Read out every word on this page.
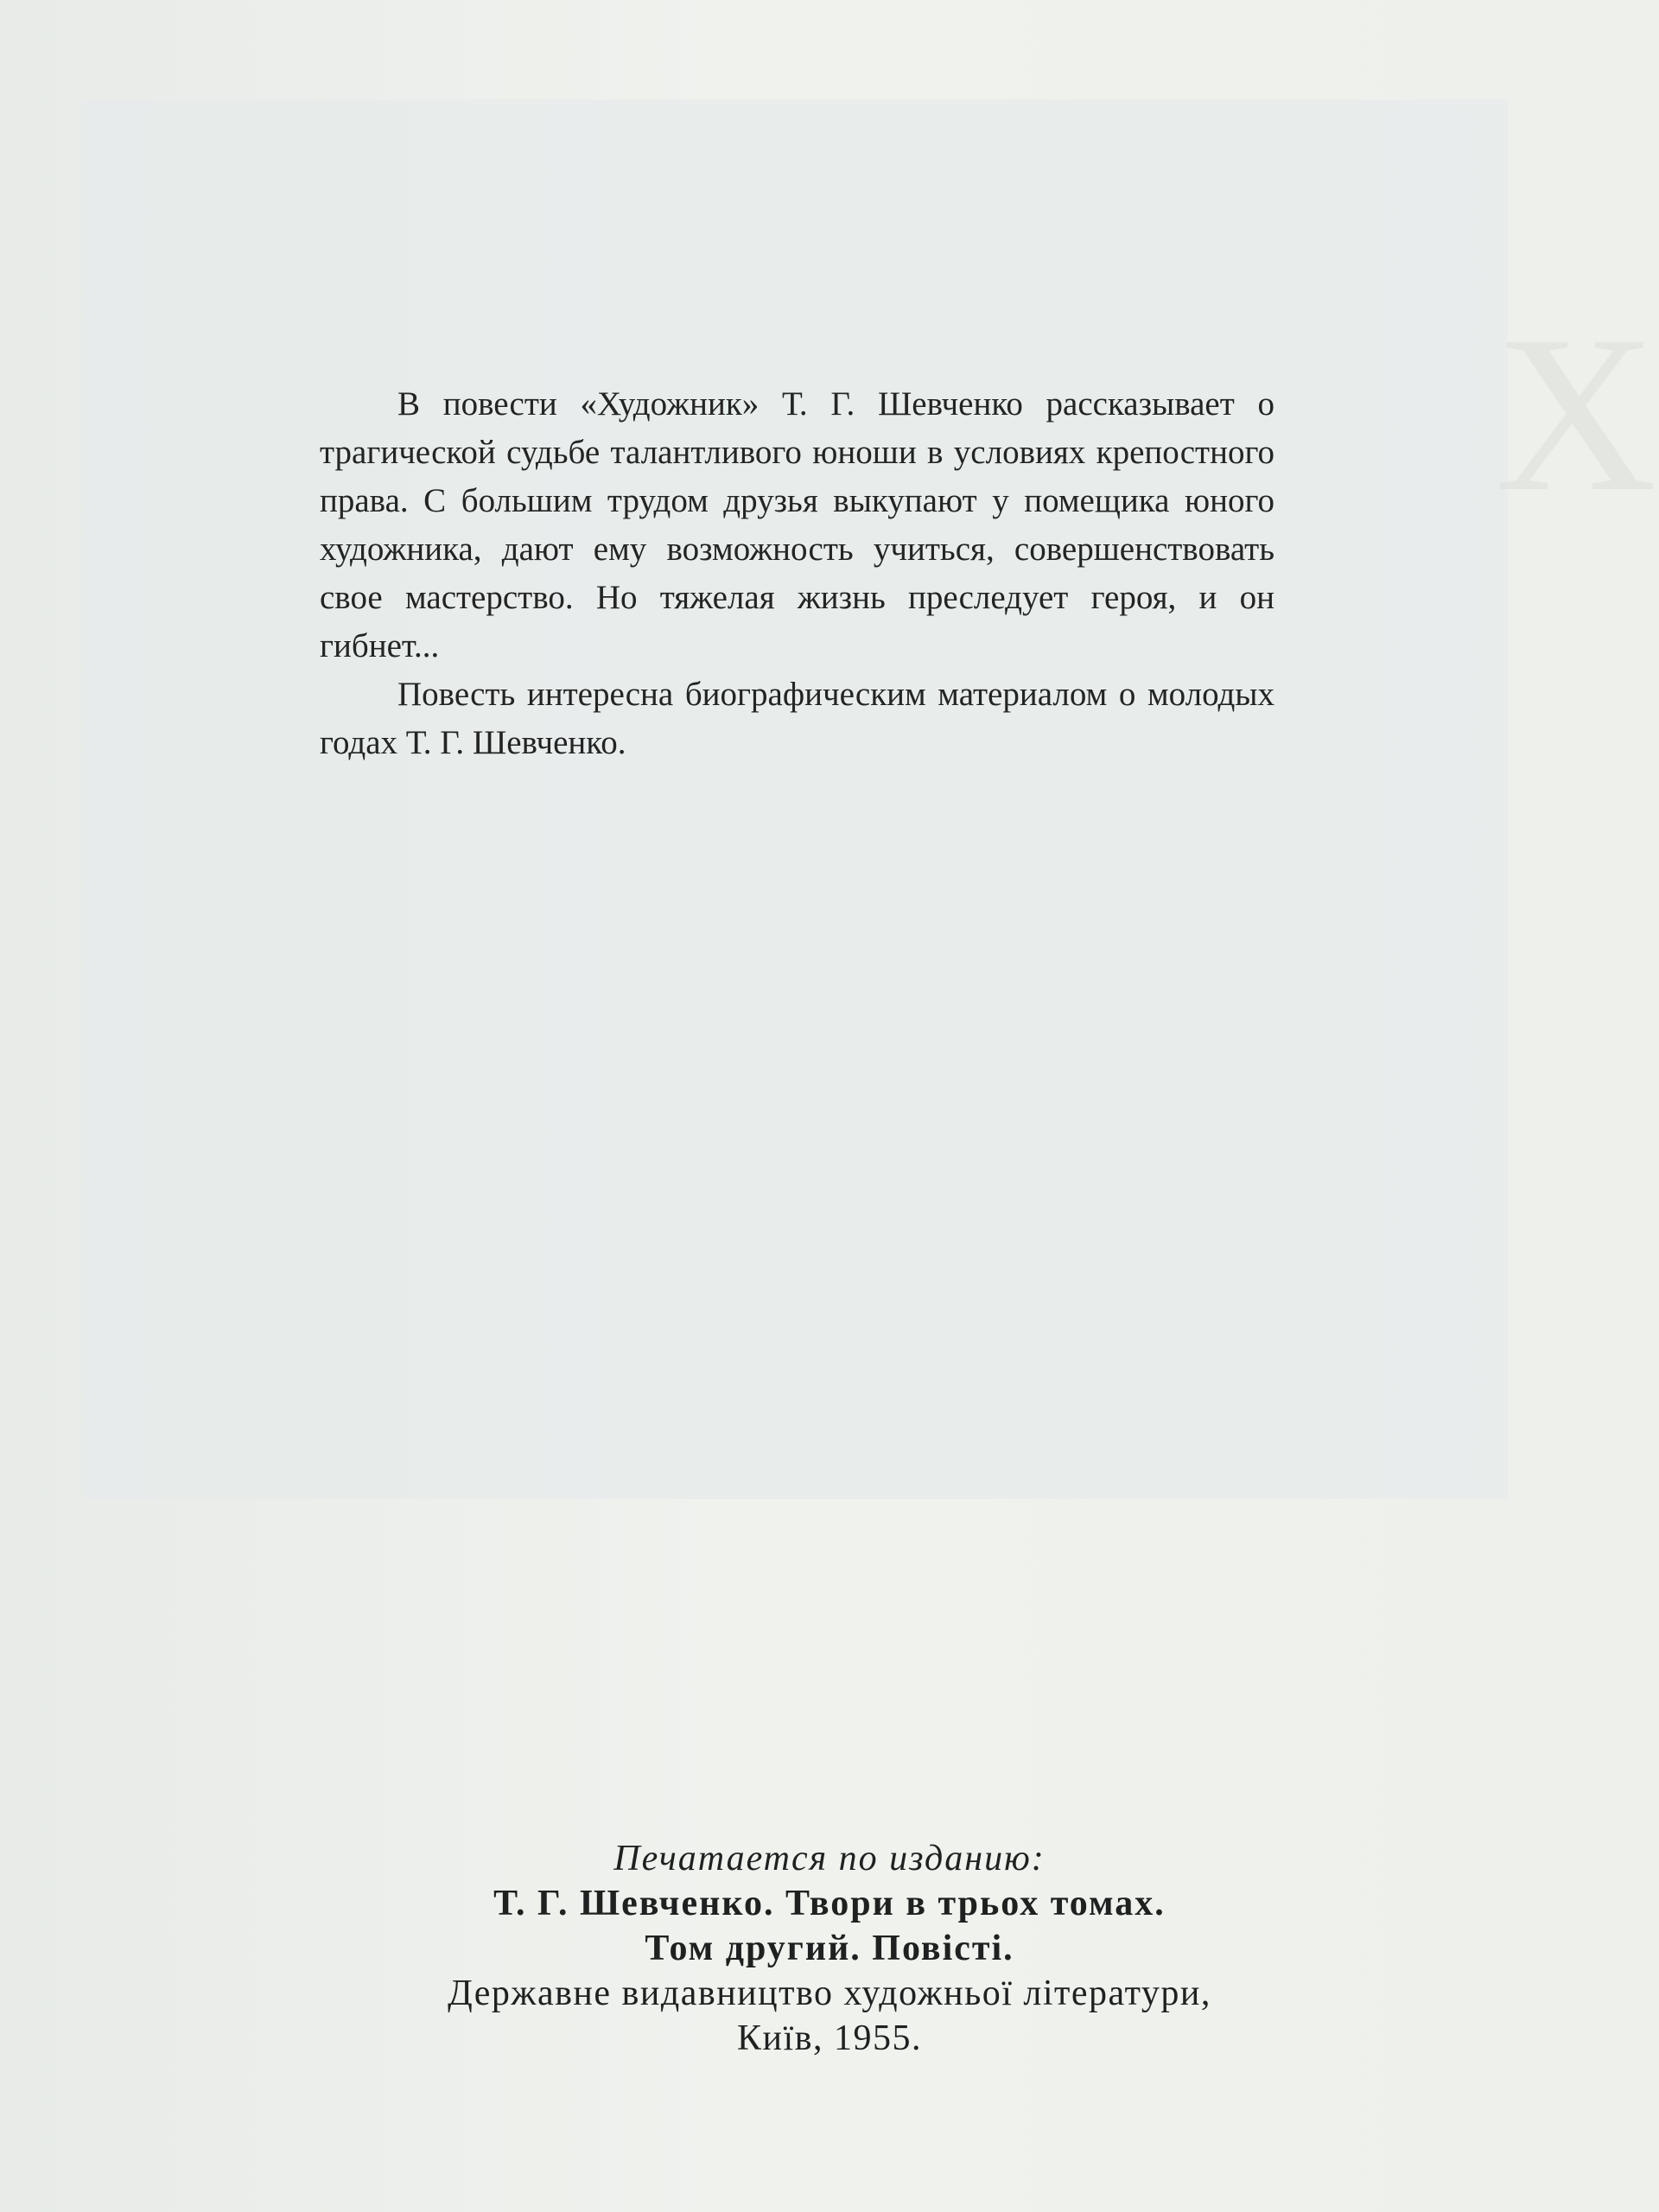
Х

В повести «Художник» Т. Г. Шевченко рассказывает о трагической судьбе талантливого юноши в условиях крепостного права. С большим трудом друзья выкупают у помещика юного художника, дают ему возможность учиться, совершенствовать свое мастерство. Но тяжелая жизнь преследует героя, и он гибнет...

Повесть интересна биографическим материалом о молодых годах Т. Г. Шевченко.

Печатается по изданию:
Т. Г. Шевченко. Твори в трьох томах.
Том другий. Повісті.
Державне видавництво художньої літератури,
Київ, 1955.
